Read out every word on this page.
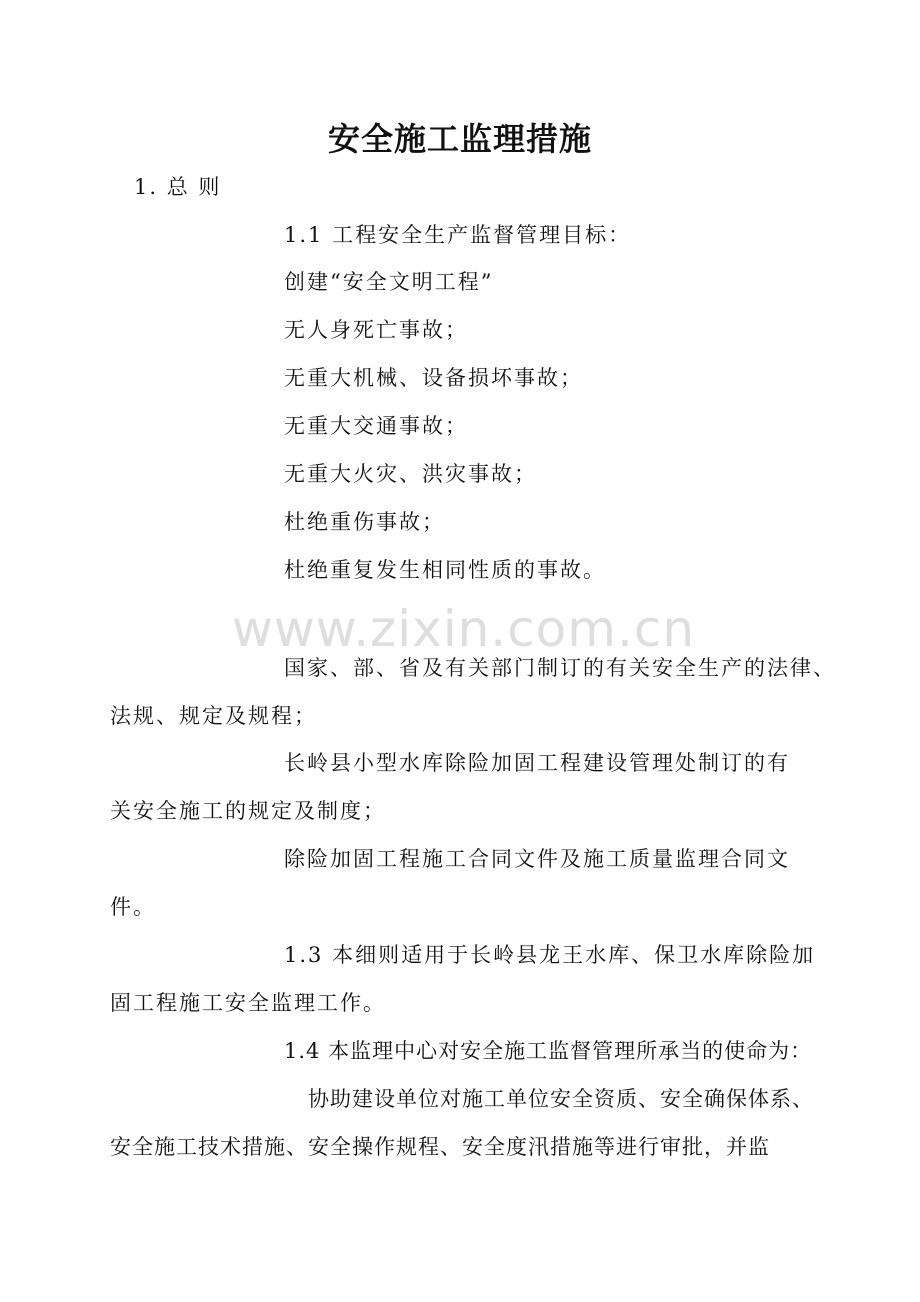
安全施工监理措施
1. 总 则
1.1 工程安全生产监督管理目标：
创建“安全文明工程”
无人身死亡事故；
无重大机械、设备损坏事故；
无重大交通事故；
无重大火灾、洪灾事故；
杜绝重伤事故；
杜绝重复发生相同性质的事故。
www.zixin.com.cn
国家、部、省及有关部门制订的有关安全生产的法律、
法规、规定及规程；
长岭县小型水库除险加固工程建设管理处制订的有
关安全施工的规定及制度；
除险加固工程施工合同文件及施工质量监理合同文
件。
1.3 本细则适用于长岭县龙王水库、保卫水库除险加
固工程施工安全监理工作。
1.4 本监理中心对安全施工监督管理所承当的使命为：
协助建设单位对施工单位安全资质、安全确保体系、
安全施工技术措施、安全操作规程、安全度汛措施等进行审批，并监
